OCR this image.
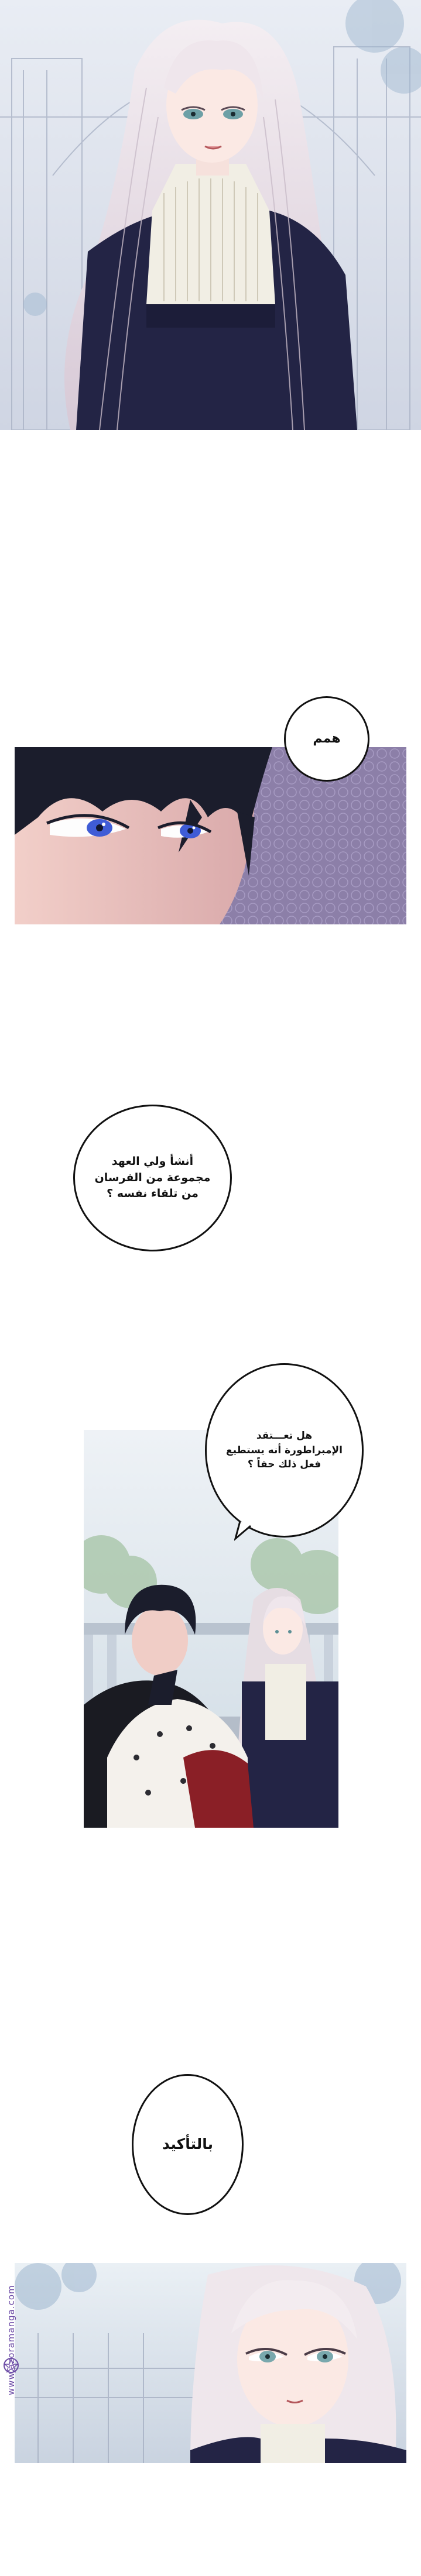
همم
أنشأ ولي العهد
مجموعة من الفرسان
من تلقاء نفسه ؟
هل تعـــتقد
الإمبراطورة أنه يستطيع
فعل ذلك حقاً ؟
بالتأكيد
www.azoramanga.com
